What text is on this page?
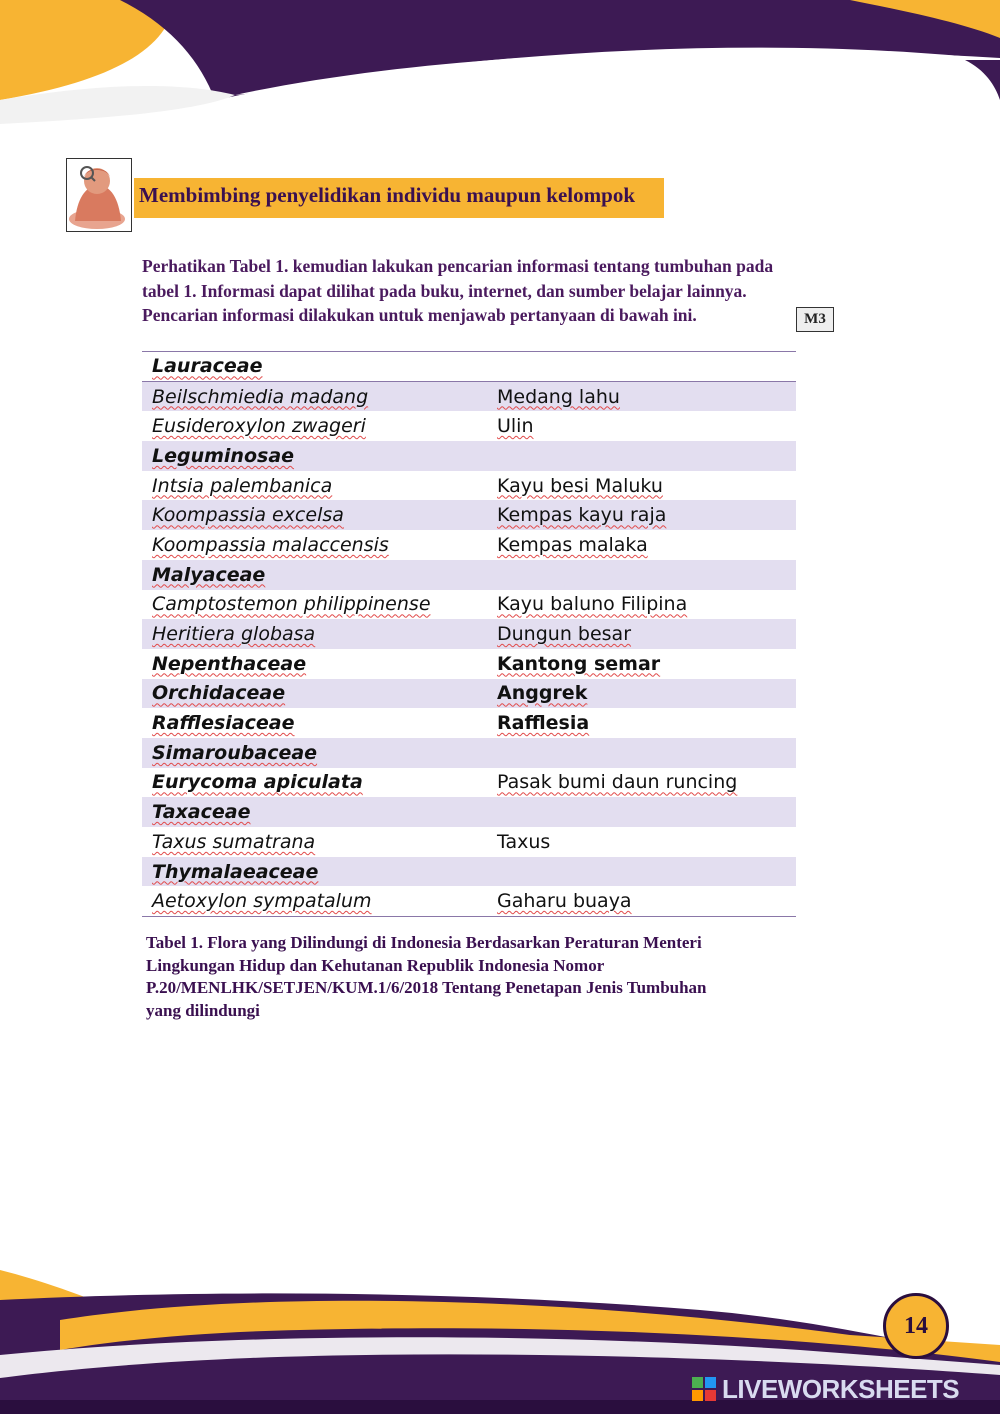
Membimbing penyelidikan individu maupun kelompok

Perhatikan Tabel 1. kemudian lakukan pencarian informasi tentang tumbuhan pada
tabel 1. Informasi dapat dilihat pada buku, internet, dan sumber belajar lainnya.
Pencarian informasi dilakukan untuk menjawab pertanyaan di bawah ini.	M3
Lauraceae
Beilschmiedia madang	Medang lahu
Eusideroxylon zwageri	Ulin
Leguminosae
Intsia palembanica	Kayu besi Maluku
Koompassia excelsa	Kempas kayu raja
Koompassia malaccensis	Kempas malaka
Malyaceae
Camptostemon philippinense	Kayu baluno Filipina
Heritiera globasa	Dungun besar
Nepenthaceae	Kantong semar
Orchidaceae	Anggrek
Rafflesiaceae	Rafflesia
Simaroubaceae
Eurycoma apiculata	Pasak bumi daun runcing
Taxaceae
Taxus sumatrana	Taxus
Thymalaeaceae
Aetoxylon sympatalum	Gaharu buaya

Tabel 1. Flora yang Dilindungi di Indonesia Berdasarkan Peraturan Menteri
Lingkungan Hidup dan Kehutanan Republik Indonesia Nomor
P.20/MENLHK/SETJEN/KUM.1/6/2018 Tentang Penetapan Jenis Tumbuhan
yang dilindungi

14
LIVEWORKSHEETS
